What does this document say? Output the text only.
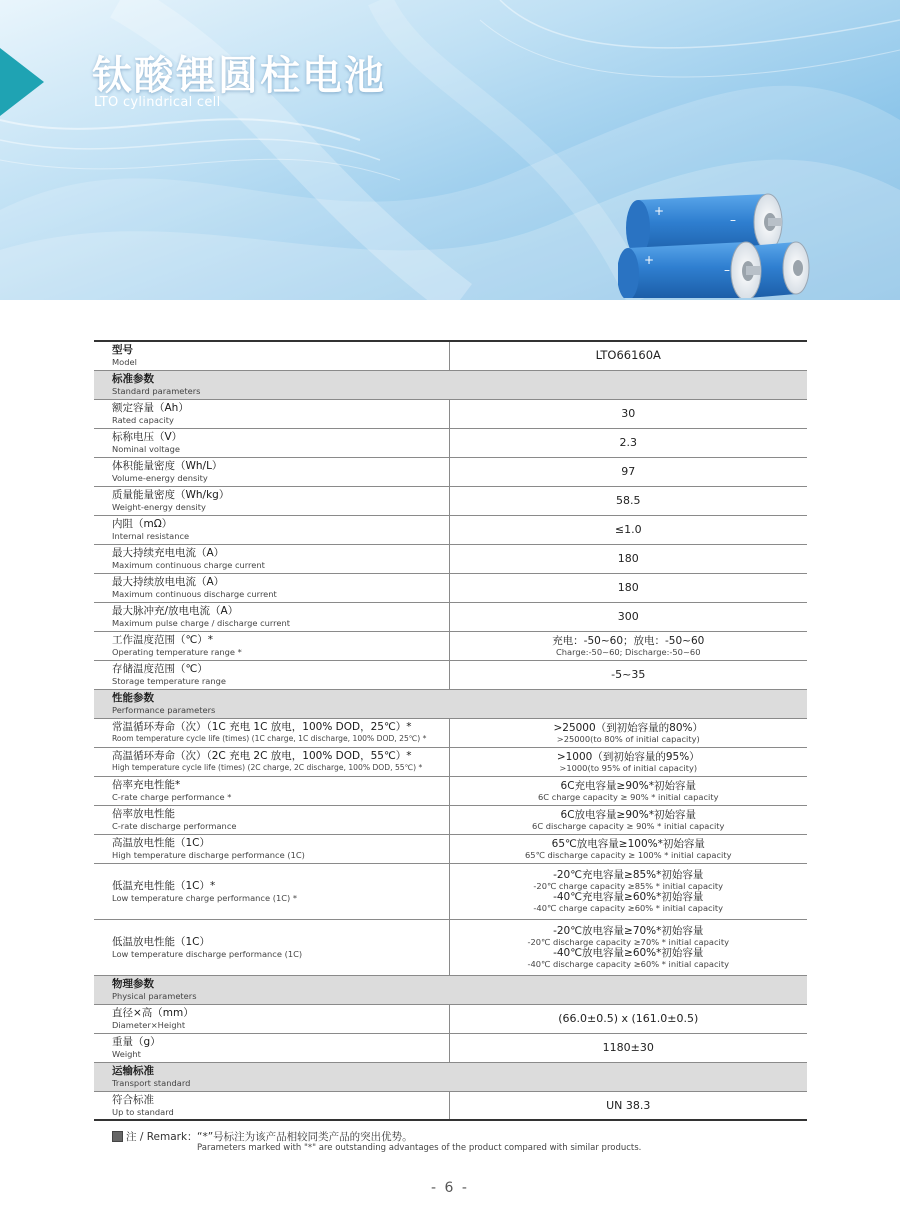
钛酸锂圆柱电池
LTO cylindrical cell
+
+
–
–
型号
Model	LTO66160A

标准参数
Standard parameters	

额定容量（Ah）
Rated capacity	30

标称电压（V）
Nominal voltage	2.3

体积能量密度（Wh/L）
Volume-energy density	97

质量能量密度（Wh/kg）
Weight-energy density	58.5

内阻（mΩ）
Internal resistance	≤1.0

最大持续充电电流（A）
Maximum continuous charge current	180

最大持续放电电流（A）
Maximum continuous discharge current	180

最大脉冲充/放电电流（A）
Maximum pulse charge / discharge current	300

工作温度范围（℃）*
Operating temperature range *	充电：-50~60；放电：-50~60
Charge:-50~60; Discharge:-50~60

存储温度范围（℃）
Storage temperature range	-5~35

性能参数
Performance parameters	

常温循环寿命（次）（1C 充电 1C 放电，100% DOD，25℃）*
Room temperature cycle life (times) (1C charge, 1C discharge, 100% DOD, 25℃) *	>25000（到初始容量的80%）
>25000(to 80% of initial capacity)

高温循环寿命（次）（2C 充电 2C 放电，100% DOD，55℃）*
High temperature cycle life (times) (2C charge, 2C discharge, 100% DOD, 55℃) *	>1000（到初始容量的95%）
>1000(to 95% of initial capacity)

倍率充电性能*
C-rate charge performance *	6C充电容量≥90%*初始容量
6C charge capacity ≥ 90% * initial capacity

倍率放电性能
C-rate discharge performance	6C放电容量≥90%*初始容量
6C discharge capacity ≥ 90% * initial capacity

高温放电性能（1C）
High temperature discharge performance (1C)	65℃放电容量≥100%*初始容量
65℃ discharge capacity ≥ 100% * initial capacity

低温充电性能（1C）*
Low temperature charge performance (1C) *	-20℃充电容量≥85%*初始容量
-20℃ charge capacity ≥85% * initial capacity
-40℃充电容量≥60%*初始容量
-40℃ charge capacity ≥60% * initial capacity

低温放电性能（1C）
Low temperature discharge performance (1C)	-20℃放电容量≥70%*初始容量
-20℃ discharge capacity ≥70% * initial capacity
-40℃放电容量≥60%*初始容量
-40℃ discharge capacity ≥60% * initial capacity

物理参数
Physical parameters	

直径×高（mm）
Diameter×Height	(66.0±0.5) x (161.0±0.5)

重量（g）
Weight	1180±30

运输标准
Transport standard	

符合标准
Up to standard	UN 38.3
注 / Remark： “*”号标注为该产品相较同类产品的突出优势。
Parameters marked with "*" are outstanding advantages of the product compared with similar products.
- 6 -
